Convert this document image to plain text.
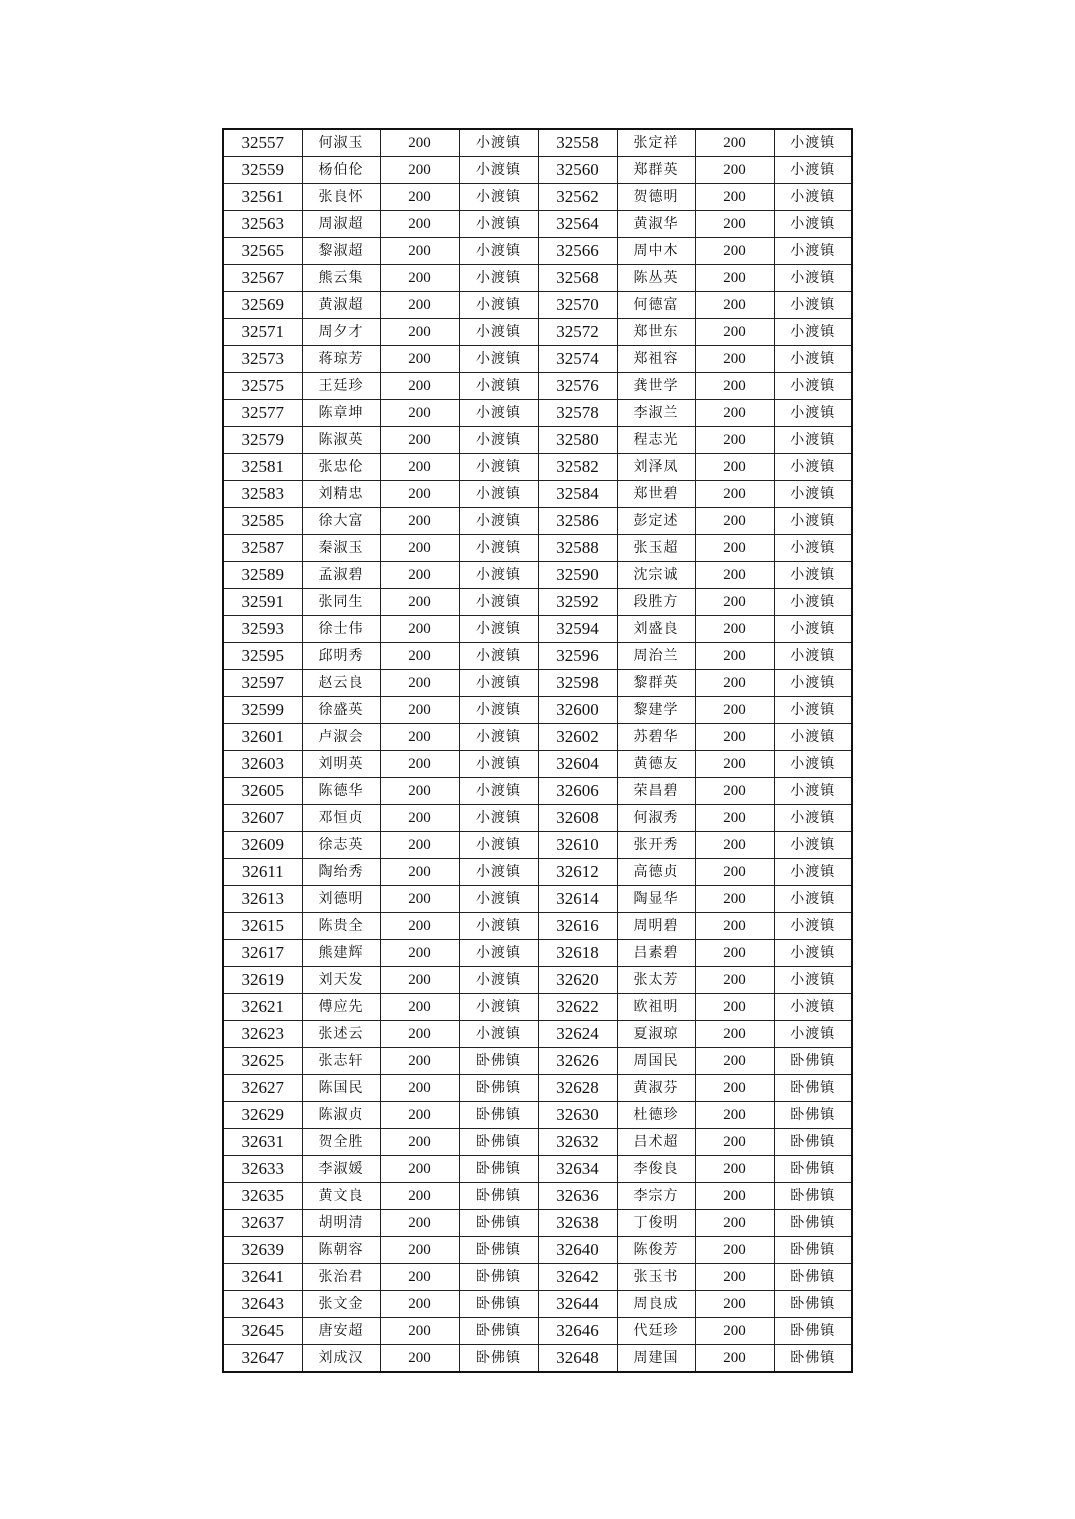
32557	何淑玉	200	小渡镇	32558	张定祥	200	小渡镇
32559	杨伯伦	200	小渡镇	32560	郑群英	200	小渡镇
32561	张良怀	200	小渡镇	32562	贺德明	200	小渡镇
32563	周淑超	200	小渡镇	32564	黄淑华	200	小渡镇
32565	黎淑超	200	小渡镇	32566	周中木	200	小渡镇
32567	熊云集	200	小渡镇	32568	陈丛英	200	小渡镇
32569	黄淑超	200	小渡镇	32570	何德富	200	小渡镇
32571	周夕才	200	小渡镇	32572	郑世东	200	小渡镇
32573	蒋琼芳	200	小渡镇	32574	郑祖容	200	小渡镇
32575	王廷珍	200	小渡镇	32576	龚世学	200	小渡镇
32577	陈章坤	200	小渡镇	32578	李淑兰	200	小渡镇
32579	陈淑英	200	小渡镇	32580	程志光	200	小渡镇
32581	张忠伦	200	小渡镇	32582	刘泽凤	200	小渡镇
32583	刘精忠	200	小渡镇	32584	郑世碧	200	小渡镇
32585	徐大富	200	小渡镇	32586	彭定述	200	小渡镇
32587	秦淑玉	200	小渡镇	32588	张玉超	200	小渡镇
32589	孟淑碧	200	小渡镇	32590	沈宗诚	200	小渡镇
32591	张同生	200	小渡镇	32592	段胜方	200	小渡镇
32593	徐士伟	200	小渡镇	32594	刘盛良	200	小渡镇
32595	邱明秀	200	小渡镇	32596	周治兰	200	小渡镇
32597	赵云良	200	小渡镇	32598	黎群英	200	小渡镇
32599	徐盛英	200	小渡镇	32600	黎建学	200	小渡镇
32601	卢淑会	200	小渡镇	32602	苏碧华	200	小渡镇
32603	刘明英	200	小渡镇	32604	黄德友	200	小渡镇
32605	陈德华	200	小渡镇	32606	荣昌碧	200	小渡镇
32607	邓恒贞	200	小渡镇	32608	何淑秀	200	小渡镇
32609	徐志英	200	小渡镇	32610	张开秀	200	小渡镇
32611	陶绐秀	200	小渡镇	32612	高德贞	200	小渡镇
32613	刘德明	200	小渡镇	32614	陶显华	200	小渡镇
32615	陈贵全	200	小渡镇	32616	周明碧	200	小渡镇
32617	熊建辉	200	小渡镇	32618	吕素碧	200	小渡镇
32619	刘天发	200	小渡镇	32620	张太芳	200	小渡镇
32621	傅应先	200	小渡镇	32622	欧祖明	200	小渡镇
32623	张述云	200	小渡镇	32624	夏淑琼	200	小渡镇
32625	张志轩	200	卧佛镇	32626	周国民	200	卧佛镇
32627	陈国民	200	卧佛镇	32628	黄淑芬	200	卧佛镇
32629	陈淑贞	200	卧佛镇	32630	杜德珍	200	卧佛镇
32631	贺全胜	200	卧佛镇	32632	吕术超	200	卧佛镇
32633	李淑媛	200	卧佛镇	32634	李俊良	200	卧佛镇
32635	黄文良	200	卧佛镇	32636	李宗方	200	卧佛镇
32637	胡明清	200	卧佛镇	32638	丁俊明	200	卧佛镇
32639	陈朝容	200	卧佛镇	32640	陈俊芳	200	卧佛镇
32641	张治君	200	卧佛镇	32642	张玉书	200	卧佛镇
32643	张文金	200	卧佛镇	32644	周良成	200	卧佛镇
32645	唐安超	200	卧佛镇	32646	代廷珍	200	卧佛镇
32647	刘成汉	200	卧佛镇	32648	周建国	200	卧佛镇
